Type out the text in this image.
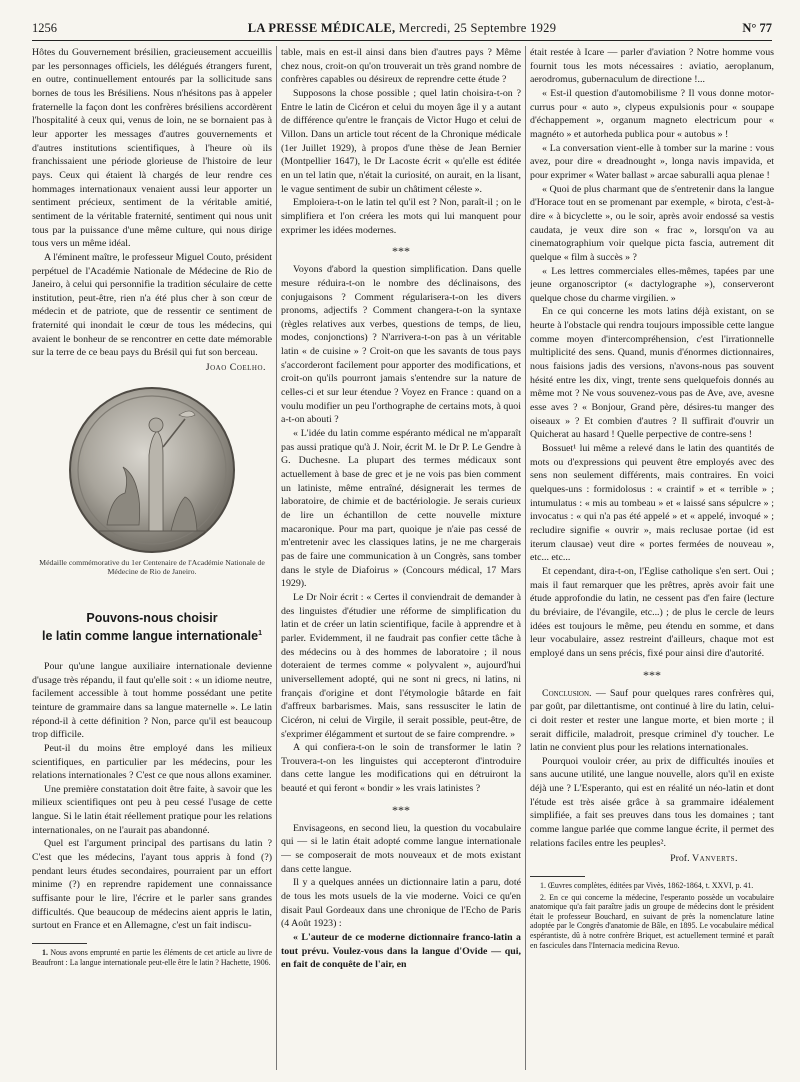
1256	LA PRESSE MÉDICALE, Mercredi, 25 Septembre 1929	N° 77

Hôtes du Gouvernement brésilien, gracieusement accueillis par les personnages officiels, les délégués étrangers furent, en outre, continuellement entourés par la sollicitude sans bornes de tous les Brésiliens. Nous n'hésitons pas à appeler fraternelle la façon dont les confrères brésiliens accordèrent l'hospitalité à ceux qui, venus de loin, ne se bornaient pas à leur apporter les messages d'autres gouvernements et d'autres institutions scientifiques, à l'heure où ils franchissaient une période glorieuse de l'histoire de leur pays. Ceux qui étaient là chargés de leur rendre ces hommages internationaux venaient aussi leur apporter un sentiment précieux, sentiment de la véritable amitié, sentiment de la véritable fraternité, sentiment qui nous unit tous par la puissance d'une même culture, qui nous dirige tous vers un même idéal.

A l'éminent maître, le professeur Miguel Couto, président perpétuel de l'Académie Nationale de Médecine de Rio de Janeiro, à celui qui personnifie la tradition séculaire de cette institution, peut-être, rien n'a été plus cher à son cœur de médecin et de patriote, que de ressentir ce sentiment de fraternité qui inondait le cœur de tous les médecins, qui avaient le bonheur de se rencontrer en cette date mémorable sur la terre de ce beau pays du Brésil qui fut son berceau.

Joao Coelho.
Médaille commémorative du 1er Centenaire de l'Académie Nationale de Médecine de Rio de Janeiro.
Pouvons-nous choisir
le latin comme langue internationale$^1$

Pour qu'une langue auxiliaire internationale devienne d'usage très répandu, il faut qu'elle soit : « un idiome neutre, facilement accessible à tout homme possédant une petite teinture de grammaire dans sa langue maternelle ». Le latin répond-il à cette définition ? Non, parce qu'il est beaucoup trop difficile.

Peut-il du moins être employé dans les milieux scientifiques, en particulier par les médecins, pour les relations internationales ? C'est ce que nous allons examiner.

Une première constatation doit être faite, à savoir que les milieux scientifiques ont peu à peu cessé l'usage de cette langue. Si le latin était réellement pratique pour les relations internationales, on ne l'aurait pas abandonné.

Quel est l'argument principal des partisans du latin ? C'est que les médecins, l'ayant tous appris à fond (?) pendant leurs études secondaires, pourraient par un effort minime (?) en reprendre rapidement une connaissance suffisante pour le lire, l'écrire et le parler sans grandes difficultés. Que beaucoup de médecins aient appris le latin, surtout en France et en Allemagne, c'est un fait indiscu-

1. Nous avons emprunté en partie les éléments de cet article au livre de Beaufront : La langue internationale peut-elle être le latin ? Hachette, 1906.

table, mais en est-il ainsi dans bien d'autres pays ? Même chez nous, croit-on qu'on trouverait un très grand nombre de confrères capables ou désireux de reprendre cette étude ?

Supposons la chose possible ; quel latin choisira-t-on ? Entre le latin de Cicéron et celui du moyen âge il y a autant de différence qu'entre le français de Victor Hugo et celui de Villon. Dans un article tout récent de la Chronique médicale (1er Juillet 1929), à propos d'une thèse de Jean Bernier (Montpellier 1647), le Dr Lacoste écrit « qu'elle est éditée en un tel latin que, n'était la curiosité, on aurait, en la lisant, le vague sentiment de subir un châtiment céleste ».

Emploiera-t-on le latin tel qu'il est ? Non, paraît-il ; on le simplifiera et l'on créera les mots qui lui manquent pour exprimer les idées modernes.

***

Voyons d'abord la question simplification. Dans quelle mesure réduira-t-on le nombre des déclinaisons, des conjugaisons ? Comment régularisera-t-on les divers pronoms, adjectifs ? Comment changera-t-on la syntaxe (règles relatives aux verbes, questions de temps, de lieu, modes, conjonctions) ? N'arrivera-t-on pas à un véritable latin « de cuisine » ? Croit-on que les savants de tous pays s'accorderont facilement pour apporter des modifications, et croit-on qu'ils pourront jamais s'entendre sur la nature de celles-ci et sur leur étendue ? Voyez en France : quand on a voulu modifier un peu l'orthographe de certains mots, à quoi a-t-on abouti ?

« L'idée du latin comme espéranto médical ne m'apparaît pas aussi pratique qu'à J. Noir, écrit M. le Dr P. Le Gendre à G. Duchesne. La plupart des termes médicaux sont actuellement à base de grec et je ne vois pas bien comment un latiniste, même entraîné, désignerait les termes de laboratoire, de chimie et de bactériologie. Je serais curieux de lire un échantillon de cette nouvelle mixture macaronique. Pour ma part, quoique je n'aie pas cessé de m'entretenir avec les classiques latins, je ne me chargerais pas de faire une communication à un Congrès, sans tomber dans le style de Diafoirus » (Concours médical, 17 Mars 1929).

Le Dr Noir écrit : « Certes il conviendrait de demander à des linguistes d'étudier une réforme de simplification du latin et de créer un latin scientifique, facile à apprendre et à parler. Evidemment, il ne faudrait pas confier cette tâche à des médecins ou à des hommes de laboratoire ; il nous doteraient de termes comme « polyvalent », aujourd'hui universellement adopté, qui ne sont ni grecs, ni latins, ni français d'origine et dont l'étymologie bâtarde en fait d'affreux barbarismes. Mais, sans ressusciter le latin de Cicéron, ni celui de Virgile, il serait possible, peut-être, de s'exprimer élégamment et surtout de se faire comprendre. »

A qui confiera-t-on le soin de transformer le latin ? Trouvera-t-on les linguistes qui accepteront d'introduire dans cette langue les modifications qui en détruiront la beauté et qui feront « bondir » les vrais latinistes ?

***

Envisageons, en second lieu, la question du vocabulaire qui — si le latin était adopté comme langue internationale — se composerait de mots nouveaux et de mots existant dans cette langue.

Il y a quelques années un dictionnaire latin a paru, doté de tous les mots usuels de la vie moderne. Voici ce qu'en disait Paul Gordeaux dans une chronique de l'Echo de Paris (4 Août 1923) :

« L'auteur de ce moderne dictionnaire franco-latin a tout prévu. Voulez-vous dans la langue d'Ovide — qui, en fait de conquête de l'air, en

était restée à Icare — parler d'aviation ? Notre homme vous fournit tous les mots nécessaires : aviatio, aeroplanum, aerodromus, gubernaculum de directione !...

« Est-il question d'automobilisme ? Il vous donne motor-currus pour « auto », clypeus expulsionis pour « soupape d'échappement », organum magneto electricum pour « magnéto » et autorheda publica pour « autobus » !

« La conversation vient-elle à tomber sur la marine : vous avez, pour dire « dreadnought », longa navis impavida, et pour exprimer « Water ballast » arcae saburalli aqua plenae !

« Quoi de plus charmant que de s'entretenir dans la langue d'Horace tout en se promenant par exemple, « birota, c'est-à-dire « à bicyclette », ou le soir, après avoir endossé sa vestis caudata, je veux dire son « frac », lorsqu'on va au cinematographium voir quelque picta fascia, autrement dit quelque « film à succès » ?

« Les lettres commerciales elles-mêmes, tapées par une jeune organoscriptor (« dactylographe »), conserveront quelque chose du charme virgilien. »

En ce qui concerne les mots latins déjà existant, on se heurte à l'obstacle qui rendra toujours impossible cette langue comme moyen d'intercompréhension, c'est l'irrationnelle multiplicité des sens. Quand, munis d'énormes dictionnaires, nous faisions jadis des versions, n'avons-nous pas souvent hésité entre les dix, vingt, trente sens quelquefois donnés au même mot ? Ne vous souvenez-vous pas de Ave, ave, avesne esse aves ? « Bonjour, Grand père, désires-tu manger des oiseaux » ? Et combien d'autres ? Il suffirait d'ouvrir un Quicherat au hasard ! Quelle perpective de contre-sens !

Bossuet¹ lui même a relevé dans le latin des quantités de mots ou d'expressions qui peuvent être employés avec des sens non seulement différents, mais contraires. En voici quelques-uns : formidolosus : « craintif » et « terrible » ; intumulatus : « mis au tombeau » et « laissé sans sépulcre » ; invocatus : « qui n'a pas été appelé » et « appelé, invoqué » ; recludire signifie « ouvrir », mais reclusae portae (id est iterum clausae) veut dire « portes fermées de nouveau », etc... etc...

Et cependant, dira-t-on, l'Eglise catholique s'en sert. Oui ; mais il faut remarquer que les prêtres, après avoir fait une étude approfondie du latin, ne cessent pas d'en faire (lecture du bréviaire, de l'évangile, etc...) ; de plus le cercle de leurs idées est toujours le même, peu étendu en somme, et dans leur vocabulaire, assez restreint d'ailleurs, chaque mot est employé dans un sens précis, fixé pour ainsi dire d'autorité.

***

Conclusion. — Sauf pour quelques rares confrères qui, par goût, par dilettantisme, ont continué à lire du latin, celui-ci doit rester et rester une langue morte, et bien morte ; il serait difficile, maladroit, presque criminel d'y toucher. Le latin ne convient plus pour les relations internationales.

Pourquoi vouloir créer, au prix de difficultés inouïes et sans aucune utilité, une langue nouvelle, alors qu'il en existe déjà une ? L'Esperanto, qui est en réalité un néo-latin et dont l'étude est très aisée grâce à sa grammaire idéalement simplifiée, a fait ses preuves dans tous les domaines ; tant comme langue parlée que comme langue écrite, il permet des relations faciles entre les peuples².

Prof. Vanverts.
1. Œuvres complètes, éditées par Vivès, 1862-1864, t. XXVI, p. 41.
2. En ce qui concerne la médecine, l'esperanto possède un vocabulaire anatomique qu'a fait paraître jadis un groupe de médecins dont le président était le professeur Bouchard, en suivant de près la nomenclature latine adoptée par le Congrès d'anatomie de Bâle, en 1895. Le vocabulaire médical espérantiste, dû à notre confrère Briquet, est actuellement terminé et paraît en fascicules dans l'Internacia medicina Revuo.
